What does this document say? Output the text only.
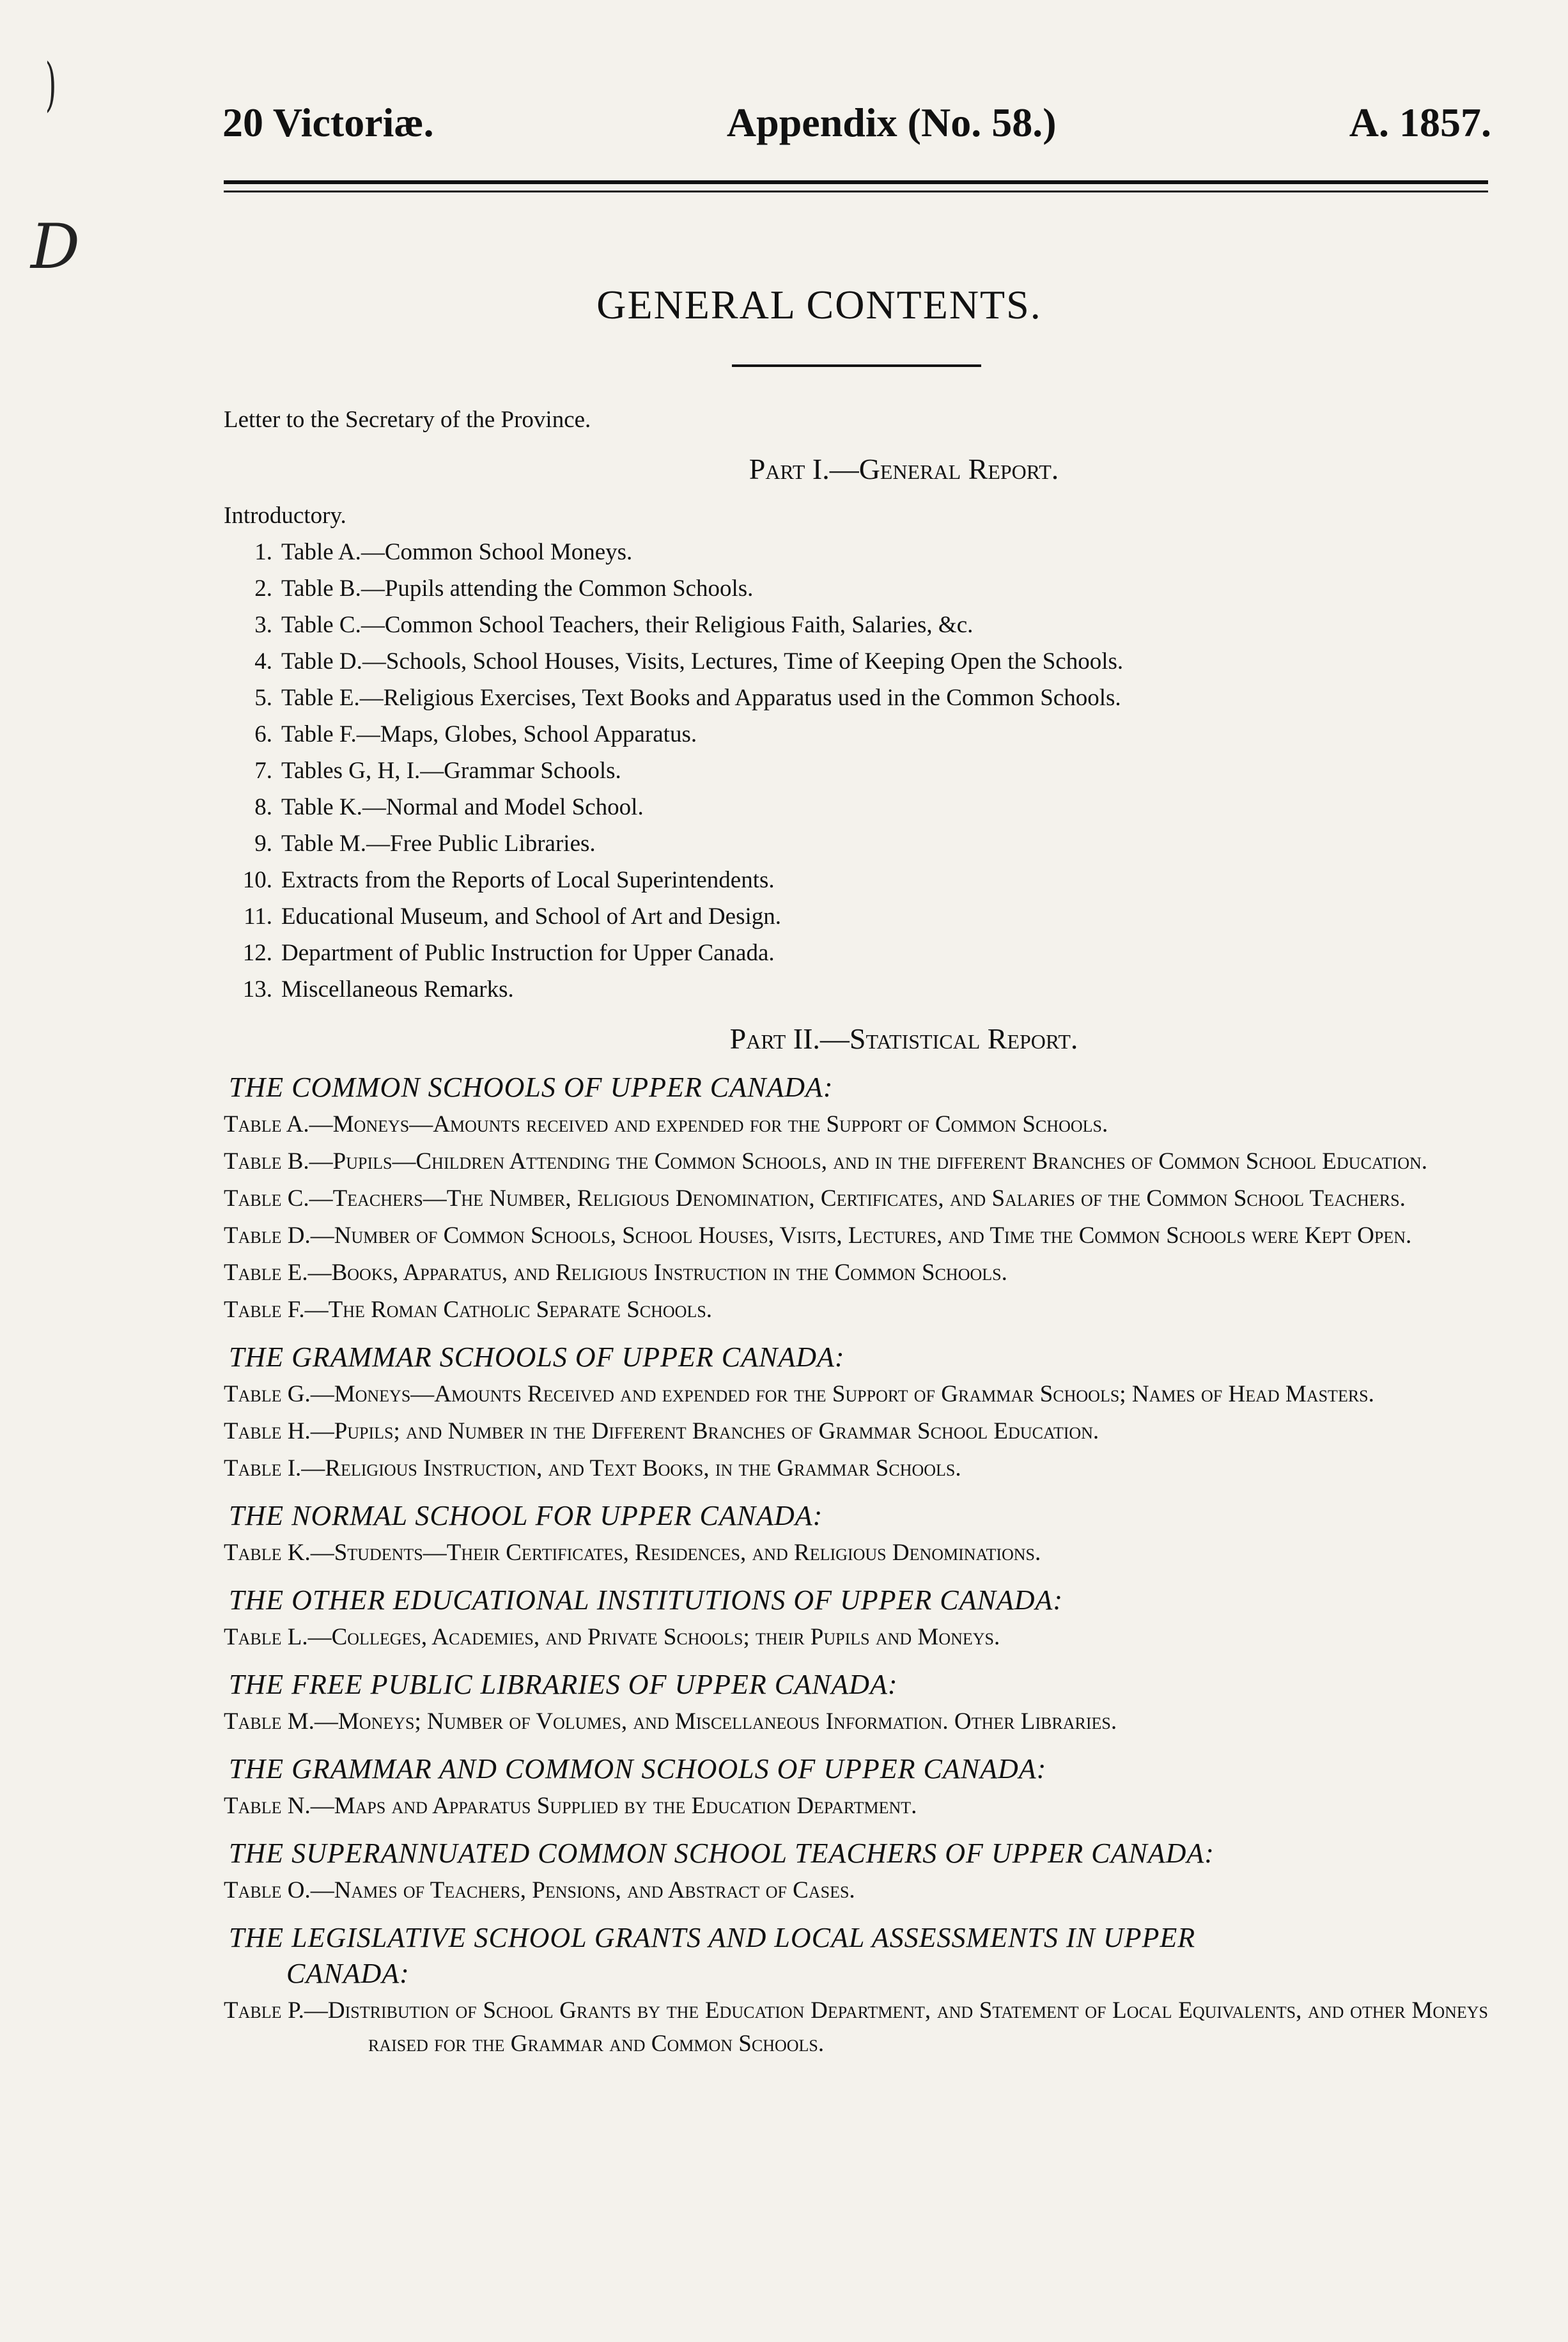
)
D
20 Victoriæ.	Appendix (No. 58.)	A. 1857.
GENERAL CONTENTS.

Letter to the Secretary of the Province.

Part I.—General Report.

Introductory.

1. Table A.—Common School Moneys.
2. Table B.—Pupils attending the Common Schools.
3. Table C.—Common School Teachers, their Religious Faith, Salaries, &c.
4. Table D.—Schools, School Houses, Visits, Lectures, Time of Keeping Open the Schools.
5. Table E.—Religious Exercises, Text Books and Apparatus used in the Common Schools.
6. Table F.—Maps, Globes, School Apparatus.
7. Tables G, H, I.—Grammar Schools.
8. Table K.—Normal and Model School.
9. Table M.—Free Public Libraries.
10. Extracts from the Reports of Local Superintendents.
11. Educational Museum, and School of Art and Design.
12. Department of Public Instruction for Upper Canada.
13. Miscellaneous Remarks.
Part II.—Statistical Report.
THE COMMON SCHOOLS OF UPPER CANADA:

Table A.—Moneys—Amounts received and expended for the Support of Common Schools.

Table B.—Pupils—Children Attending the Common Schools, and in the different Branches of Common School Education.

Table C.—Teachers—The Number, Religious Denomination, Certificates, and Salaries of the Common School Teachers.

Table D.—Number of Common Schools, School Houses, Visits, Lectures, and Time the Common Schools were Kept Open.

Table E.—Books, Apparatus, and Religious Instruction in the Common Schools.

Table F.—The Roman Catholic Separate Schools.

THE GRAMMAR SCHOOLS OF UPPER CANADA:

Table G.—Moneys—Amounts Received and expended for the Support of Grammar Schools; Names of Head Masters.

Table H.—Pupils; and Number in the Different Branches of Grammar School Education.

Table I.—Religious Instruction, and Text Books, in the Grammar Schools.

THE NORMAL SCHOOL FOR UPPER CANADA:

Table K.—Students—Their Certificates, Residences, and Religious Denominations.

THE OTHER EDUCATIONAL INSTITUTIONS OF UPPER CANADA:

Table L.—Colleges, Academies, and Private Schools; their Pupils and Moneys.

THE FREE PUBLIC LIBRARIES OF UPPER CANADA:

Table M.—Moneys; Number of Volumes, and Miscellaneous Information. Other Libraries.

THE GRAMMAR AND COMMON SCHOOLS OF UPPER CANADA:

Table N.—Maps and Apparatus Supplied by the Education Department.

THE SUPERANNUATED COMMON SCHOOL TEACHERS OF UPPER CANADA:

Table O.—Names of Teachers, Pensions, and Abstract of Cases.

THE LEGISLATIVE SCHOOL GRANTS AND LOCAL ASSESSMENTS IN UPPER
CANADA:

Table P.—Distribution of School Grants by the Education Department, and Statement of Local Equivalents, and other Moneys raised for the Grammar and Common Schools.
